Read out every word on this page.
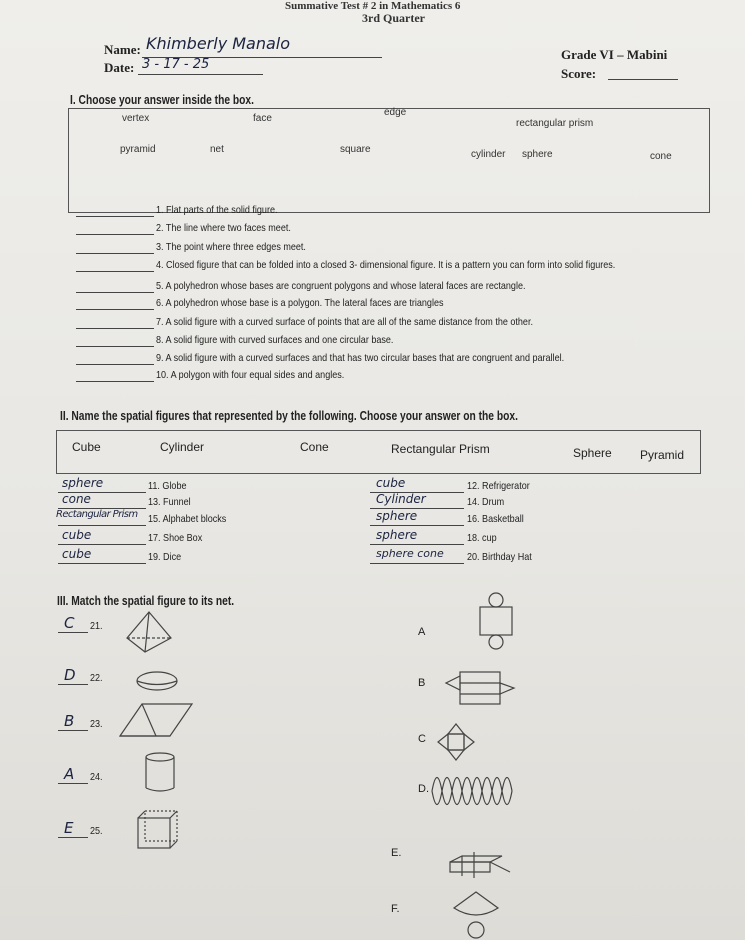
Summative Test # 2 in Mathematics 6
3rd Quarter
Name: Khimberly Manalo
Date: 3 - 17 - 25
Grade VI – Mabini
Score:
I. Choose your answer inside the box.
vertex	face
edge
rectangular prism
pyramid	net	square	cylinder sphere	cone
1. Flat parts of the solid figure.
2. The line where two faces meet.
3. The point where three edges meet.
4. Closed figure that can be folded into a closed 3- dimensional figure. It is a pattern you can form into solid figures.
5. A polyhedron whose bases are congruent polygons and whose lateral faces are rectangle.
6. A polyhedron whose base is a polygon. The lateral faces are triangles
7. A solid figure with a curved surface of points that are all of the same distance from the other.
8. A solid figure with curved surfaces and one circular base.
9. A solid figure with a curved surfaces and that has two circular bases that are congruent and parallel.
10. A polygon with four equal sides and angles.
II. Name the spatial figures that represented by the following. Choose your answer on the box.
Cube	Cylinder	Cone	Rectangular Prism	Sphere Pyramid
sphere	11. Globe
cone	13. Funnel
Rectangular Prism 15. Alphabet blocks
cube	17. Shoe Box
cube	19. Dice
cube	12. Refrigerator
Cylinder	14. Drum
sphere	16. Basketball
sphere	18. cup
sphere cone 20. Birthday Hat
III. Match the spatial figure to its net.
C 21.
D 22.
B 23.
A 24.
E 25.
A
B
C
D.
E.
F.
